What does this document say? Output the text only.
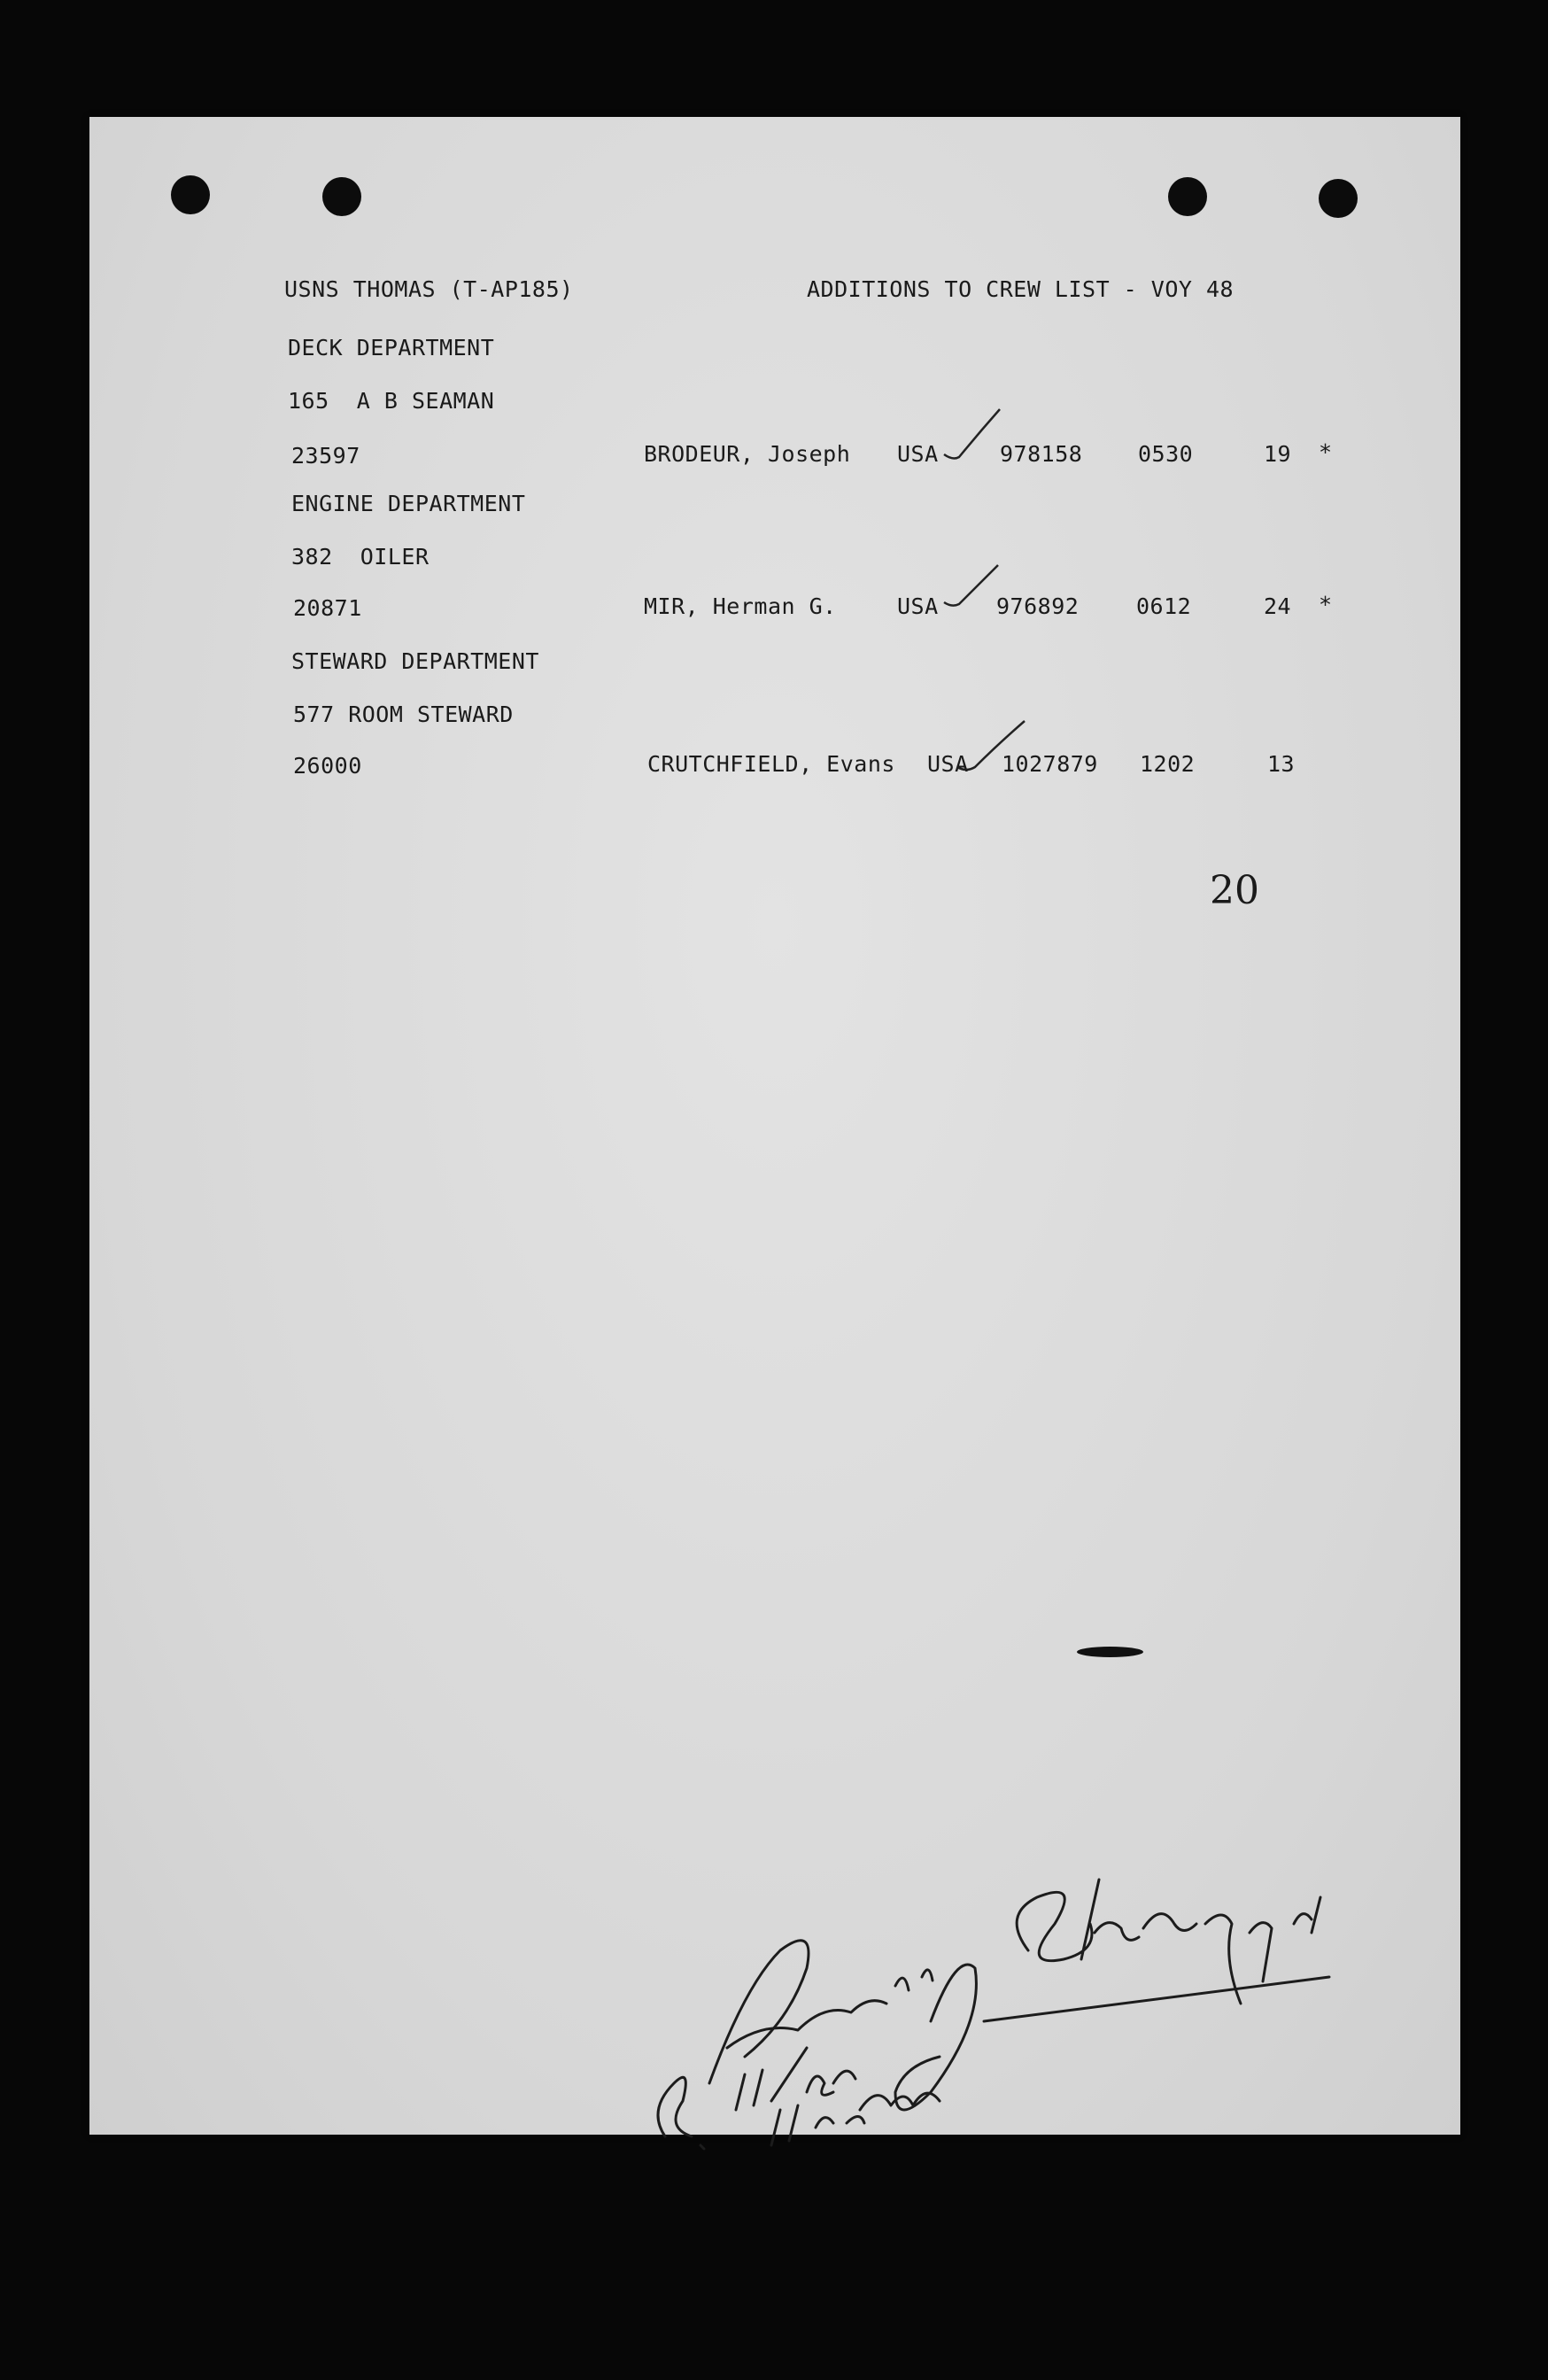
USNS THOMAS (T-AP185)	ADDITIONS TO CREW LIST - VOY 48
DECK DEPARTMENT
165  A B SEAMAN
23597	BRODEUR, Joseph USA	978158	0530	19 *
ENGINE DEPARTMENT
382  OILER
20871	MIR, Herman G.	USA	976892	0612	24 *
STEWARD DEPARTMENT
577 ROOM STEWARD
26000	CRUTCHFIELD, Evans USA 1027879 1202	13
20
